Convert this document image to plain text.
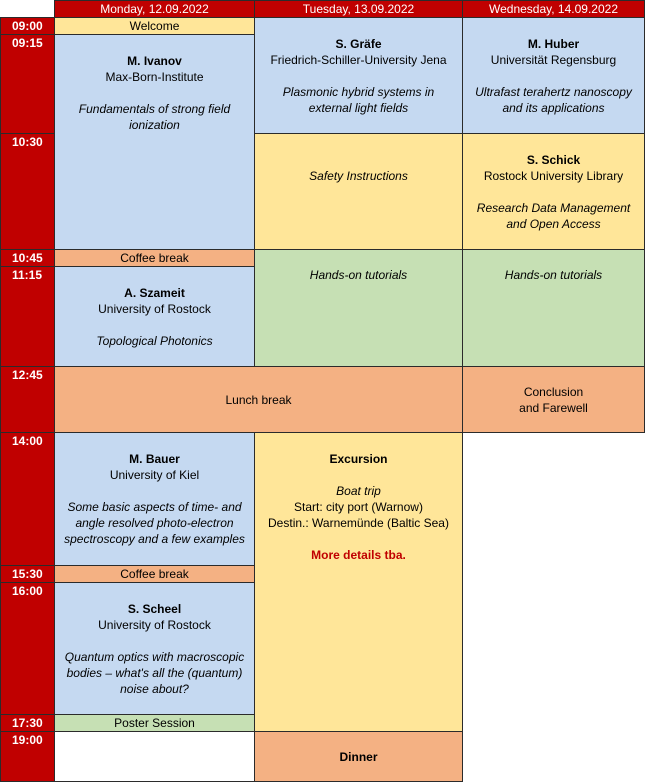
Monday, 12.09.2022	Tuesday, 13.09.2022	Wednesday, 14.09.2022
09:00
09:15
10:30
10:45
11:15
12:45
14:00
15:30
16:00
17:30
19:00
Welcome
M. Ivanov
Max-Born-Institute
Fundamentals of strong field ionization
Coffee break
A. Szameit
University of Rostock
Topological Photonics
Lunch break
M. Bauer
University of Kiel
Some basic aspects of time- and angle resolved photo-electron spectroscopy and a few examples
Coffee break
S. Scheel
University of Rostock
Quantum optics with macroscopic bodies – what's all the (quantum) noise about?
Poster Session
S. Gräfe
Friedrich-Schiller-University Jena
Plasmonic hybrid systems in external light fields
Safety Instructions
Hands-on tutorials
Excursion
Boat trip
Start: city port (Warnow)
Destin.: Warnemünde (Baltic Sea)
More details tba.
Dinner
M. Huber
Universität Regensburg
Ultrafast terahertz nanoscopy and its applications
S. Schick
Rostock University Library
Research Data Management and Open Access
Hands-on tutorials
Conclusion and Farewell
